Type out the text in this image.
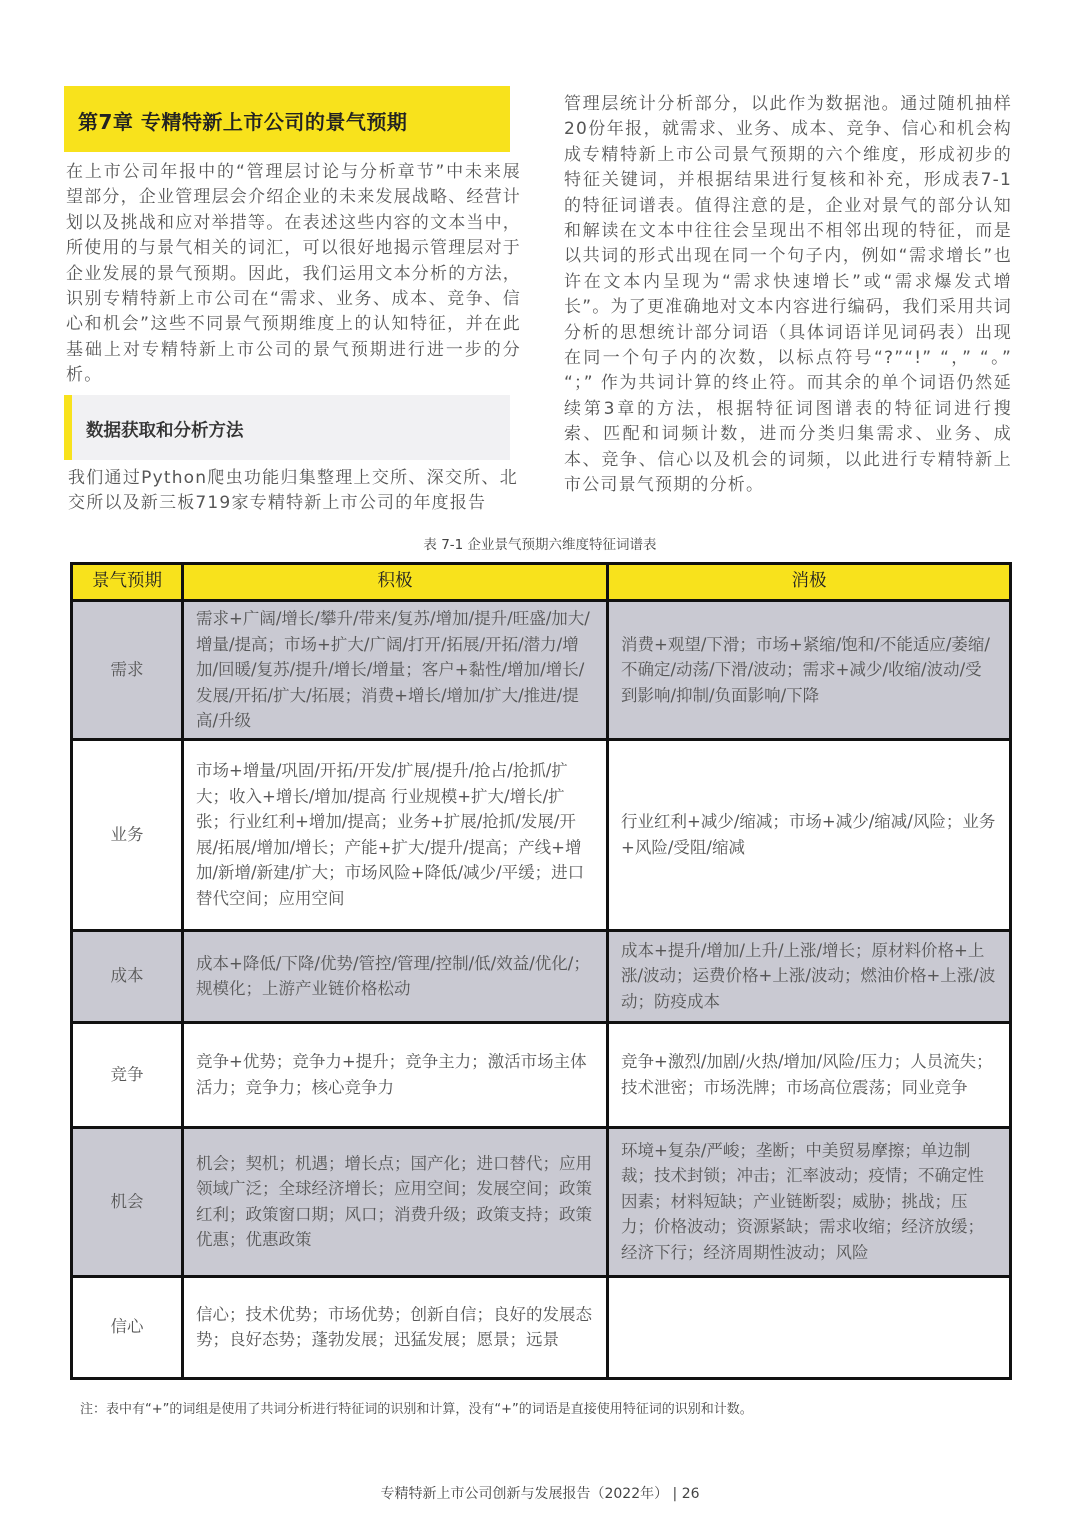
第7章 专精特新上市公司的景气预期
在上市公司年报中的“管理层讨论与分析章节”中未来展望部分，企业管理层会介绍企业的未来发展战略、经营计划以及挑战和应对举措等。在表述这些内容的文本当中，所使用的与景气相关的词汇，可以很好地揭示管理层对于企业发展的景气预期。因此，我们运用文本分析的方法，识别专精特新上市公司在“需求、业务、成本、竞争、信心和机会”这些不同景气预期维度上的认知特征，并在此基础上对专精特新上市公司的景气预期进行进一步的分析。
数据获取和分析方法
我们通过Python爬虫功能归集整理上交所、深交所、北交所以及新三板719家专精特新上市公司的年度报告
管理层统计分析部分，以此作为数据池。通过随机抽样20份年报，就需求、业务、成本、竞争、信心和机会构成专精特新上市公司景气预期的六个维度，形成初步的特征关键词，并根据结果进行复核和补充，形成表7-1的特征词谱表。值得注意的是，企业对景气的部分认知和解读在文本中往往会呈现出不相邻出现的特征，而是以共词的形式出现在同一个句子内，例如“需求增长”也许在文本内呈现为“需求快速增长”或“需求爆发式增长”。为了更准确地对文本内容进行编码，我们采用共词分析的思想统计部分词语（具体词语详见词码表）出现在同一个句子内的次数，以标点符号“?”“!” “，” “。” “；” 作为共词计算的终止符。而其余的单个词语仍然延续第3章的方法，根据特征词图谱表的特征词进行搜索、匹配和词频计数，进而分类归集需求、业务、成本、竞争、信心以及机会的词频，以此进行专精特新上市公司景气预期的分析。
表 7-1 企业景气预期六维度特征词谱表
景气预期	积极	消极
需求	需求+广阔/增长/攀升/带来/复苏/增加/提升/旺盛/加大/增量/提高；市场+扩大/广阔/打开/拓展/开拓/潜力/增加/回暖/复苏/提升/增长/增量；客户+黏性/增加/增长/发展/开拓/扩大/拓展；消费+增长/增加/扩大/推进/提高/升级	消费+观望/下滑；市场+紧缩/饱和/不能适应/萎缩/不确定/动荡/下滑/波动；需求+减少/收缩/波动/受到影响/抑制/负面影响/下降
业务	市场+增量/巩固/开拓/开发/扩展/提升/抢占/抢抓/扩大；收入+增长/增加/提高 行业规模+扩大/增长/扩张；行业红利+增加/提高；业务+扩展/抢抓/发展/开展/拓展/增加/增长；产能+扩大/提升/提高；产线+增加/新增/新建/扩大；市场风险+降低/减少/平缓；进口替代空间；应用空间	行业红利+减少/缩减；市场+减少/缩减/风险；业务+风险/受阻/缩减
成本	成本+降低/下降/优势/管控/管理/控制/低/效益/优化/；规模化；上游产业链价格松动	成本+提升/增加/上升/上涨/增长；原材料价格+上涨/波动；运费价格+上涨/波动；燃油价格+上涨/波动；防疫成本
竞争	竞争+优势；竞争力+提升；竞争主力；激活市场主体活力；竞争力；核心竞争力	竞争+激烈/加剧/火热/增加/风险/压力；人员流失；技术泄密；市场洗牌；市场高位震荡；同业竞争
机会	机会；契机；机遇；增长点；国产化；进口替代；应用领域广泛；全球经济增长；应用空间；发展空间；政策红利；政策窗口期；风口；消费升级；政策支持；政策优惠；优惠政策	环境+复杂/严峻；垄断；中美贸易摩擦；单边制裁；技术封锁；冲击；汇率波动；疫情；不确定性因素；材料短缺；产业链断裂；威胁；挑战；压力；价格波动；资源紧缺；需求收缩；经济放缓；经济下行；经济周期性波动；风险
信心	信心；技术优势；市场优势；创新自信；良好的发展态势；良好态势；蓬勃发展；迅猛发展；愿景；远景	
注：表中有“+”的词组是使用了共词分析进行特征词的识别和计算，没有“+”的词语是直接使用特征词的识别和计数。
专精特新上市公司创新与发展报告（2022年） | 26
